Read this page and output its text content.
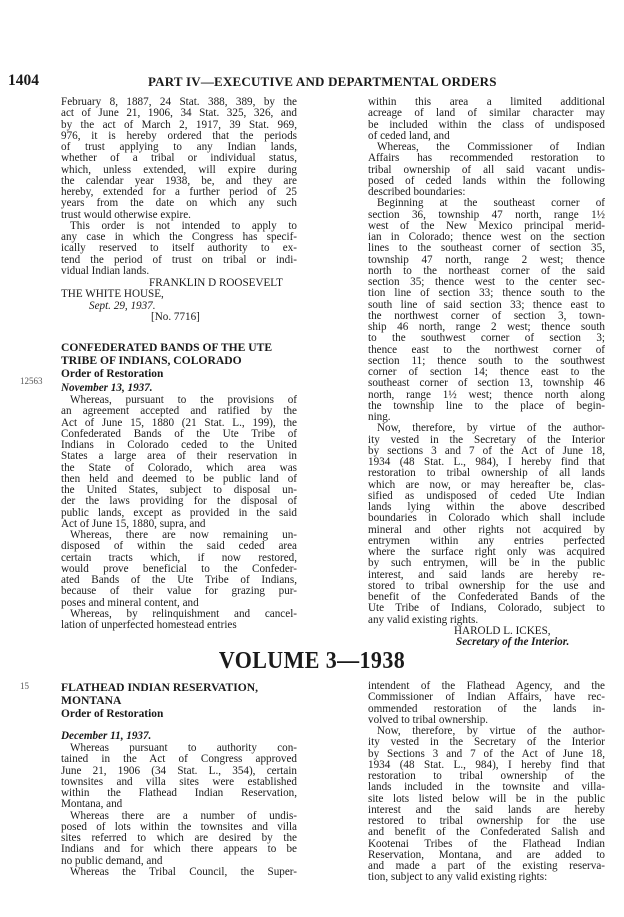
1404	PART IV—EXECUTIVE AND DEPARTMENTAL ORDERS

February 8, 1887, 24 Stat. 388, 389, by the

act of June 21, 1906, 34 Stat. 325, 326, and

by the act of March 2, 1917, 39 Stat. 969,

976, it is hereby ordered that the periods

of trust applying to any Indian lands,

whether of a tribal or individual status,

which, unless extended, will expire during

the calendar year 1938, be, and they are

hereby, extended for a further period of 25

years from the date on which any such

trust would otherwise expire.

This order is not intended to apply to

any case in which the Congress has specif-

ically reserved to itself authority to ex-

tend the period of trust on tribal or indi-

vidual Indian lands.

FRANKLIN D ROOSEVELT

THE WHITE HOUSE,

Sept. 29, 1937.

[No. 7716]

12563

CONFEDERATED BANDS OF THE UTE

TRIBE OF INDIANS, COLORADO

Order of Restoration

November 13, 1937.

Whereas, pursuant to the provisions of

an agreement accepted and ratified by the

Act of June 15, 1880 (21 Stat. L., 199), the

Confederated Bands of the Ute Tribe of

Indians in Colorado ceded to the United

States a large area of their reservation in

the State of Colorado, which area was

then held and deemed to be public land of

the United States, subject to disposal un-

der the laws providing for the disposal of

public lands, except as provided in the said

Act of June 15, 1880, supra, and

Whereas, there are now remaining un-

disposed of within the said ceded area

certain tracts which, if now restored,

would prove beneficial to the Confeder-

ated Bands of the Ute Tribe of Indians,

because of their value for grazing pur-

poses and mineral content, and

Whereas, by relinquishment and cancel-

lation of unperfected homestead entries

within this area a limited additional

acreage of land of similar character may

be included within the class of undisposed

of ceded land, and

Whereas, the Commissioner of Indian

Affairs has recommended restoration to

tribal ownership of all said vacant undis-

posed of ceded lands within the following

described boundaries:

Beginning at the southeast corner of

section 36, township 47 north, range 1½

west of the New Mexico principal merid-

ian in Colorado; thence west on the section

lines to the southeast corner of section 35,

township 47 north, range 2 west; thence

north to the northeast corner of the said

section 35; thence west to the center sec-

tion line of section 33; thence south to the

south line of said section 33; thence east to

the northwest corner of section 3, town-

ship 46 north, range 2 west; thence south

to the southwest corner of section 3;

thence east to the northwest corner of

section 11; thence south to the southwest

corner of section 14; thence east to the

southeast corner of section 13, township 46

north, range 1½ west; thence north along

the township line to the place of begin-

ning.

Now, therefore, by virtue of the author-

ity vested in the Secretary of the Interior

by sections 3 and 7 of the Act of June 18,

1934 (48 Stat. L., 984), I hereby find that

restoration to tribal ownership of all lands

which are now, or may hereafter be, clas-

sified as undisposed of ceded Ute Indian

lands lying within the above described

boundaries in Colorado which shall include

mineral and other rights not acquired by

entrymen within any entries perfected

where the surface right only was acquired

by such entrymen, will be in the public

interest, and said lands are hereby re-

stored to tribal ownership for the use and

benefit of the Confederated Bands of the

Ute Tribe of Indians, Colorado, subject to

any valid existing rights.

HAROLD L. ICKES,

Secretary of the Interior.

VOLUME 3—1938
15	FLATHEAD INDIAN RESERVATION,

MONTANA

Order of Restoration

December 11, 1937.

Whereas pursuant to authority con-

tained in the Act of Congress approved

June 21, 1906 (34 Stat. L., 354), certain

townsites and villa sites were established

within the Flathead Indian Reservation,

Montana, and

Whereas there are a number of undis-

posed of lots within the townsites and villa

sites referred to which are desired by the

Indians and for which there appears to be

no public demand, and

Whereas the Tribal Council, the Super-

intendent of the Flathead Agency, and the

Commissioner of Indian Affairs, have rec-

ommended restoration of the lands in-

volved to tribal ownership.

Now, therefore, by virtue of the author-

ity vested in the Secretary of the Interior

by Sections 3 and 7 of the Act of June 18,

1934 (48 Stat. L., 984), I hereby find that

restoration to tribal ownership of the

lands included in the townsite and villa-

site lots listed below will be in the public

interest and the said lands are hereby

restored to tribal ownership for the use

and benefit of the Confederated Salish and

Kootenai Tribes of the Flathead Indian

Reservation, Montana, and are added to

and made a part of the existing reserva-

tion, subject to any valid existing rights:
